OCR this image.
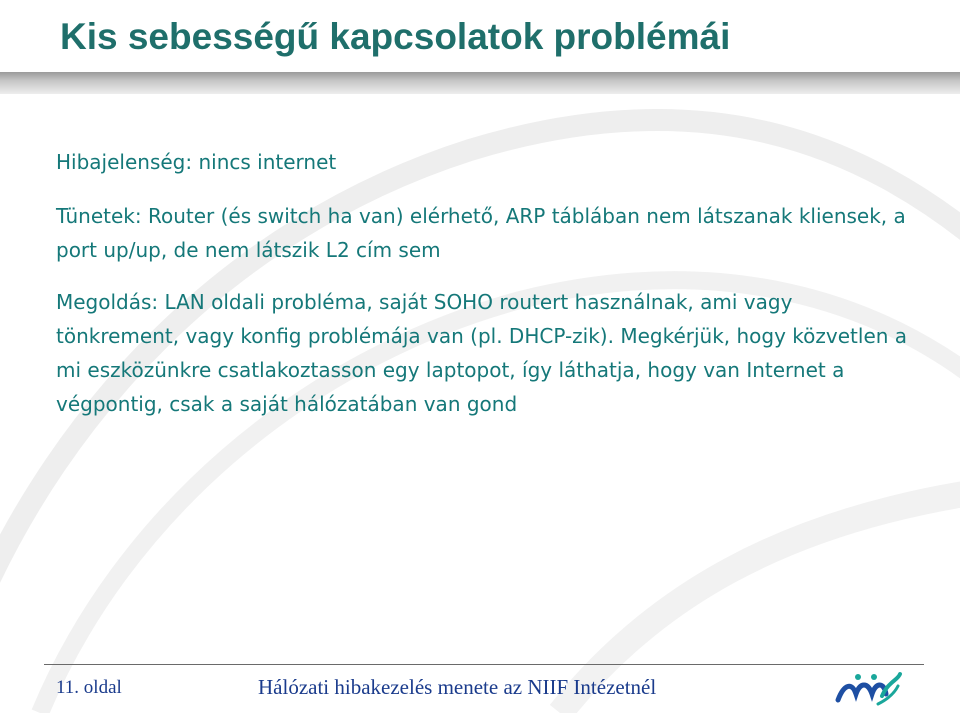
Kis sebességű kapcsolatok problémái

Hibajelenség: nincs internet

Tünetek: Router (és switch ha van) elérhető, ARP táblában nem látszanak kliensek, a port up/up, de nem látszik L2 cím sem

Megoldás: LAN oldali probléma, saját SOHO routert használnak, ami vagy tönkrement, vagy konfig problémája van (pl. DHCP-zik). Megkérjük, hogy közvetlen a mi eszközünkre csatlakoztasson egy laptopot, így láthatja, hogy van Internet a végpontig, csak a saját hálózatában van gond

11. oldal	Hálózati hibakezelés menete az NIIF Intézetnél
